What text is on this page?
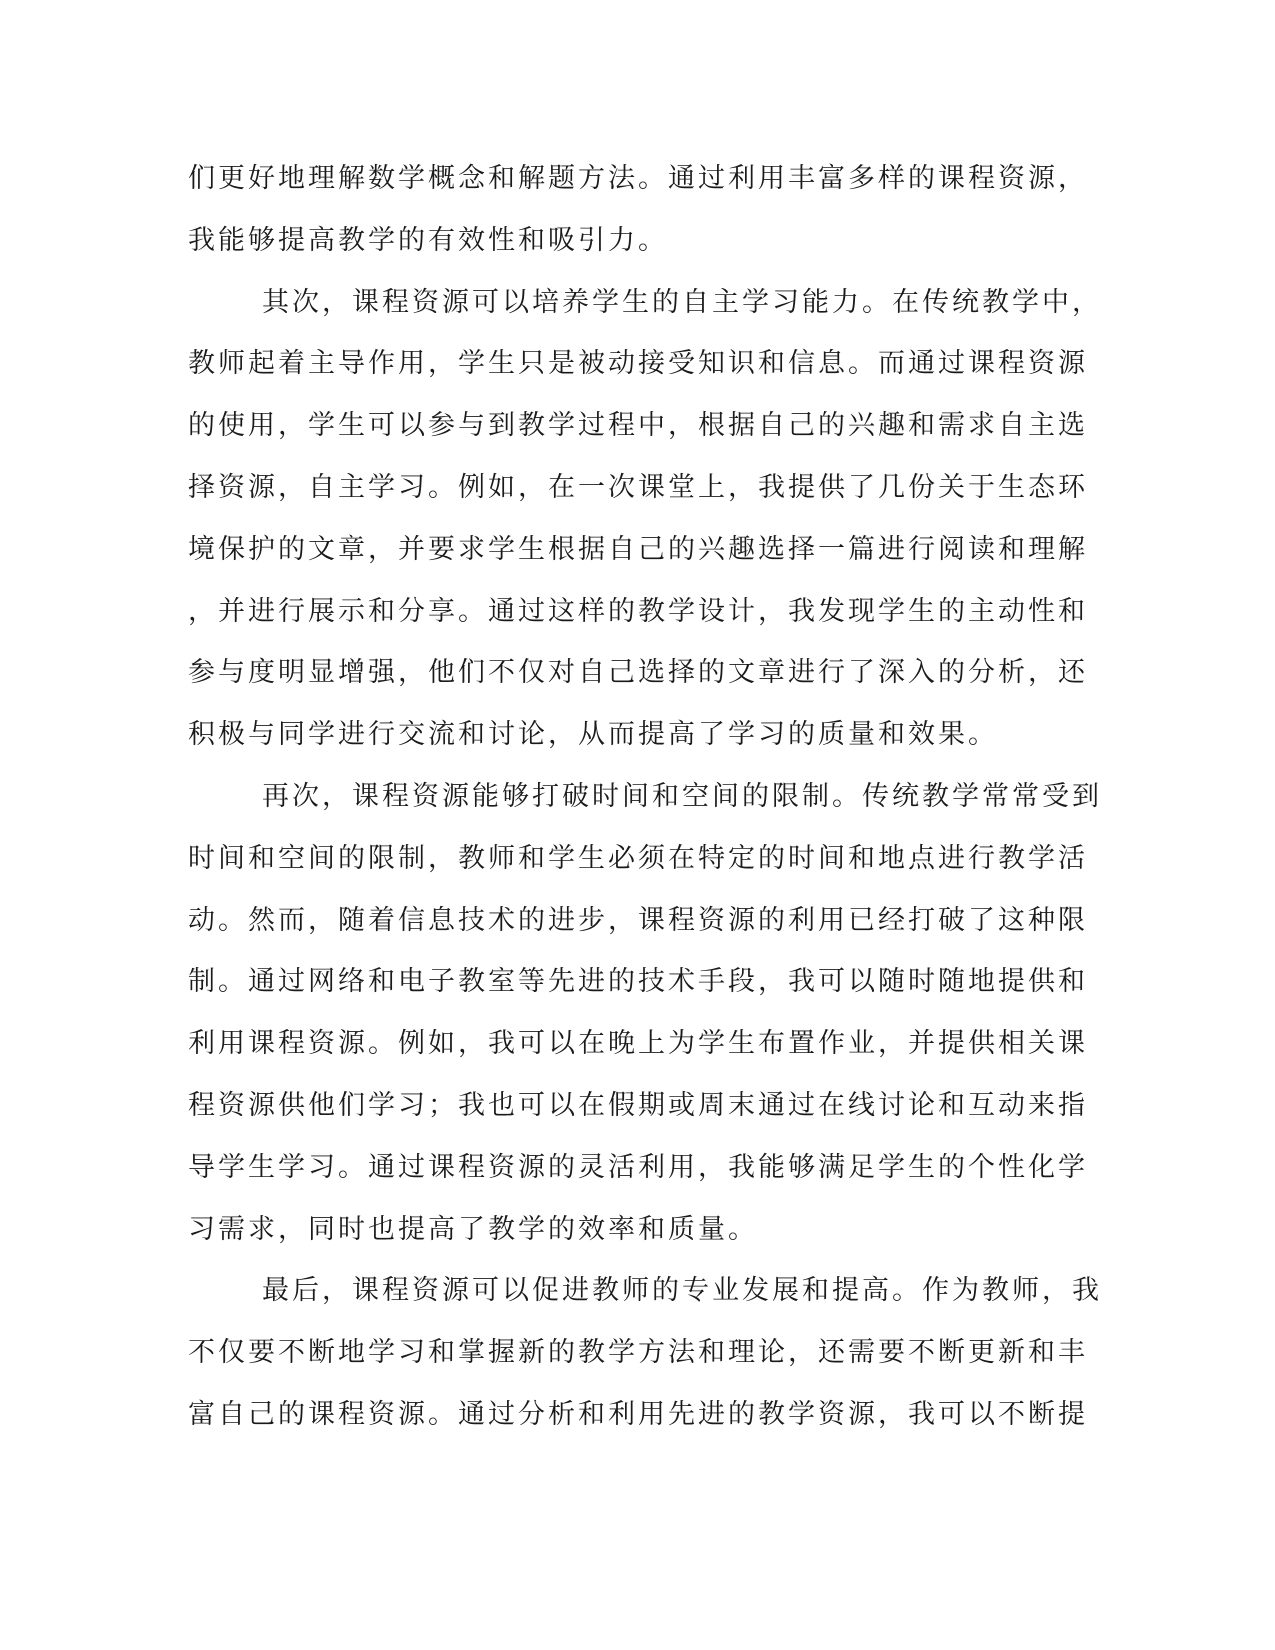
们更好地理解数学概念和解题方法。通过利用丰富多样的课程资源，
我能够提高教学的有效性和吸引力。
其次，课程资源可以培养学生的自主学习能力。在传统教学中，
教师起着主导作用，学生只是被动接受知识和信息。而通过课程资源
的使用，学生可以参与到教学过程中，根据自己的兴趣和需求自主选
择资源，自主学习。例如，在一次课堂上，我提供了几份关于生态环
境保护的文章，并要求学生根据自己的兴趣选择一篇进行阅读和理解
，并进行展示和分享。通过这样的教学设计，我发现学生的主动性和
参与度明显增强，他们不仅对自己选择的文章进行了深入的分析，还
积极与同学进行交流和讨论，从而提高了学习的质量和效果。
再次，课程资源能够打破时间和空间的限制。传统教学常常受到
时间和空间的限制，教师和学生必须在特定的时间和地点进行教学活
动。然而，随着信息技术的进步，课程资源的利用已经打破了这种限
制。通过网络和电子教室等先进的技术手段，我可以随时随地提供和
利用课程资源。例如，我可以在晚上为学生布置作业，并提供相关课
程资源供他们学习；我也可以在假期或周末通过在线讨论和互动来指
导学生学习。通过课程资源的灵活利用，我能够满足学生的个性化学
习需求，同时也提高了教学的效率和质量。
最后，课程资源可以促进教师的专业发展和提高。作为教师，我
不仅要不断地学习和掌握新的教学方法和理论，还需要不断更新和丰
富自己的课程资源。通过分析和利用先进的教学资源，我可以不断提
